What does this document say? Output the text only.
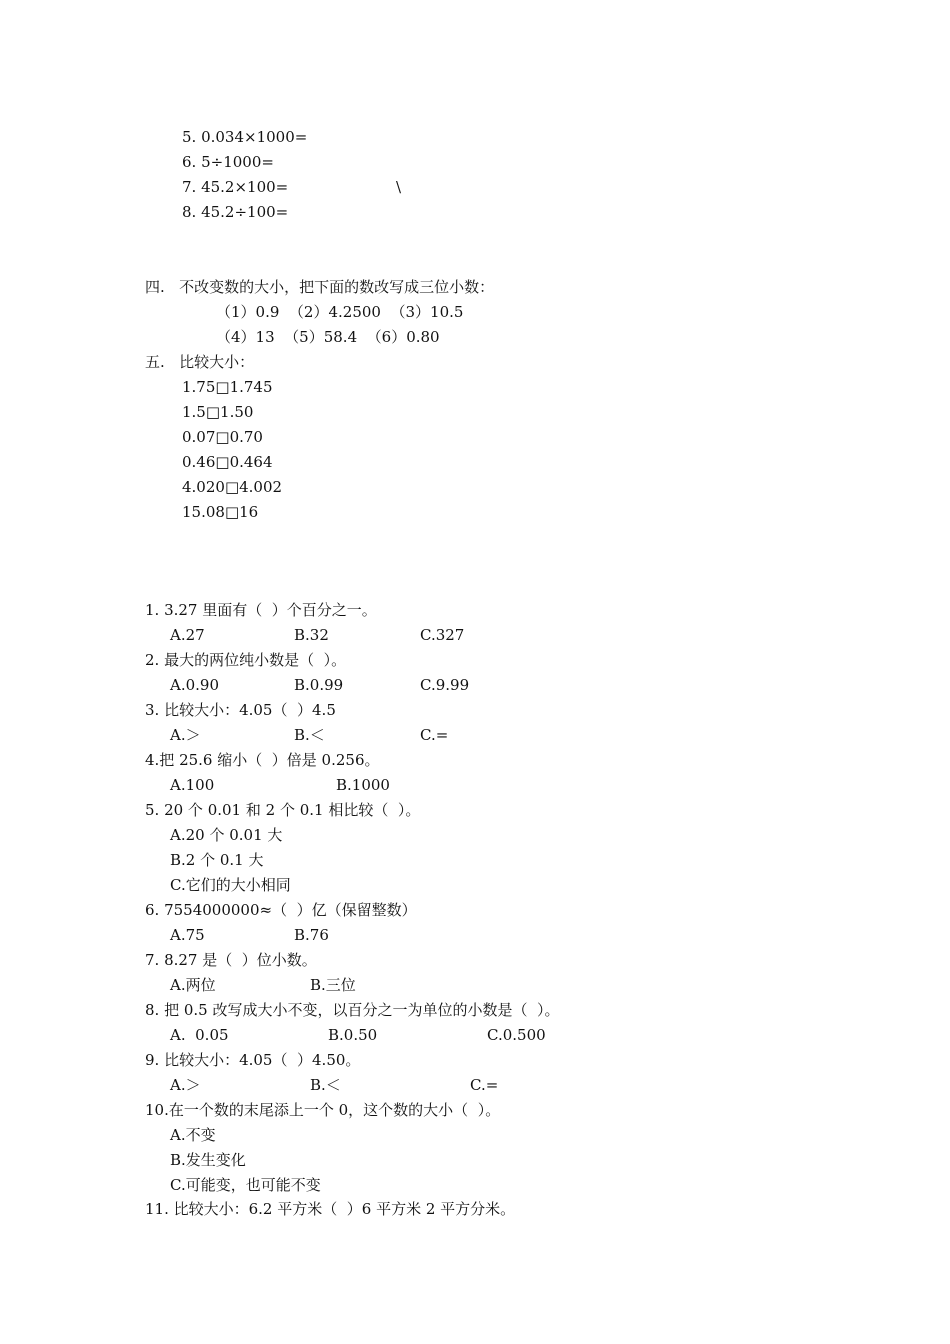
5. 0.034×1000=
6. 5÷1000=
7. 45.2×100=	\
8. 45.2÷100=
四.   不改变数的大小，把下面的数改写成三位小数：
（1）0.9  （2）4.2500  （3）10.5
（4）13  （5）58.4  （6）0.80
五.   比较大小：
1.75□1.745
1.5□1.50
0.07□0.70
0.46□0.464
4.020□4.002
15.08□16
1. 3.27 里面有（  ）个百分之一。
A.27	B.32	C.327
2. 最大的两位纯小数是（  ）。
A.0.90	B.0.99	C.9.99
3. 比较大小：4.05（  ）4.5
A.＞	B.＜	C.=
4.把 25.6 缩小（  ）倍是 0.256。
A.100	B.1000
5. 20 个 0.01 和 2 个 0.1 相比较（  ）。
A.20 个 0.01 大
B.2 个 0.1 大
C.它们的大小相同
6. 7554000000≈（  ）亿（保留整数）
A.75	B.76
7. 8.27 是（  ）位小数。
A.两位	B.三位
8. 把 0.5 改写成大小不变，以百分之一为单位的小数是（  ）。
A.  0.05	B.0.50	C.0.500
9. 比较大小：4.05（  ）4.50。
A.＞	B.＜	C.=
10.在一个数的末尾添上一个 0，这个数的大小（  ）。
A.不变
B.发生变化
C.可能变，也可能不变
11. 比较大小：6.2 平方米（  ）6 平方米 2 平方分米。
